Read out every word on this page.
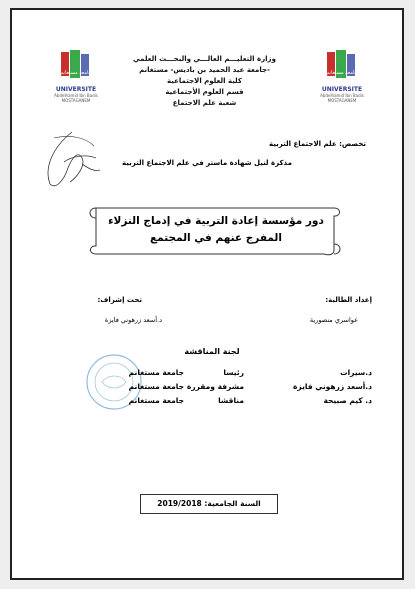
جامعة مستغانم
UNIVERSITE
Abdelhamid Ibn Badis
MOSTAGANEM
جامعة مستغانم
UNIVERSITE
Abdelhamid Ibn Badis
MOSTAGANEM
وزارة التعليـــم العالـــي والبحـــث العلمي
جامعة عبد الحميد بن باديس- مستغانم-
كلية العلوم الاجتماعية
قسم العلوم الأجتماعية
شعبة علم الاجتماع
تخصص: علم الاجتماع التربية
مذكرة لنيل شهادة ماستر في علم الاجتماع التربية
دور مؤسسة إعادة التربية في إدماج النزلاء
المفرج عنهم في المجتمع
إعداد الطالبة:
عواسري منصورية
تحت إشراف:
د.أسعد زرهوني فايزة
لجنة المناقشة
د.سيرات
رئيسا
جامعة مستغانم
د.أسعد زرهوني فايزة
مشرفة ومقررة
جامعة مستغانم
د. كيم صبيحة
مناقشا
جامعة مستغانم
السنة الجامعية: 2019/2018
